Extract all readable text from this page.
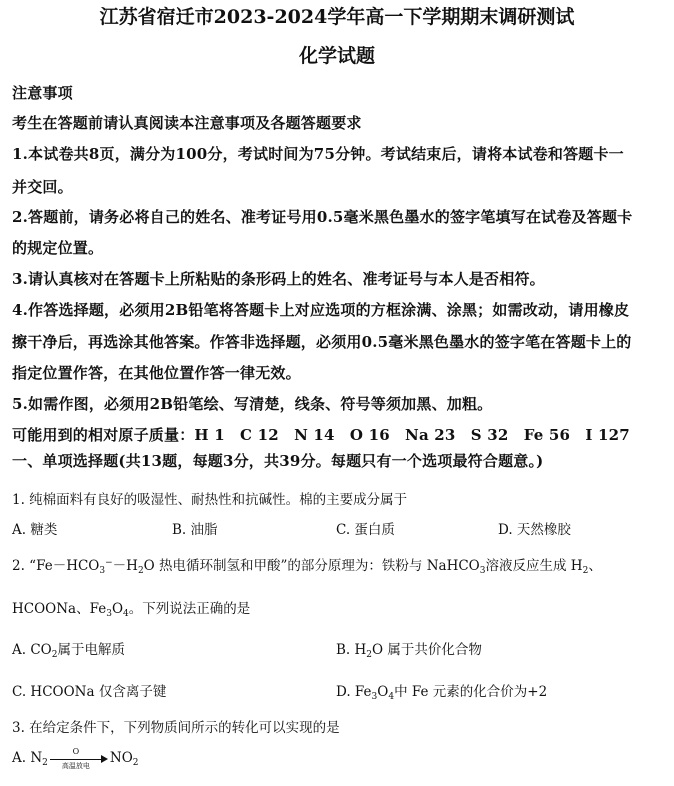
江苏省宿迁市2023-2024学年高一下学期期末调研测试
化学试题
注意事项
考生在答题前请认真阅读本注意事项及各题答题要求
1.本试卷共8页，满分为100分，考试时间为75分钟。考试结束后，请将本试卷和答题卡一
并交回。
2.答题前，请务必将自己的姓名、准考证号用0.5毫米黑色墨水的签字笔填写在试卷及答题卡
的规定位置。
3.请认真核对在答题卡上所粘贴的条形码上的姓名、准考证号与本人是否相符。
4.作答选择题，必须用2B铅笔将答题卡上对应选项的方框涂满、涂黑；如需改动，请用橡皮
擦干净后，再选涂其他答案。作答非选择题，必须用0.5毫米黑色墨水的签字笔在答题卡上的
指定位置作答，在其他位置作答一律无效。
5.如需作图，必须用2B铅笔绘、写清楚，线条、符号等须加黑、加粗。
可能用到的相对原子质量：H 1　C 12　N 14　O 16　Na 23　S 32　Fe 56　I 127
一、单项选择题(共13题，每题3分，共39分。每题只有一个选项最符合题意。)
1. 纯棉面料有良好的吸湿性、耐热性和抗碱性。棉的主要成分属于
A. 糖类	B. 油脂	C. 蛋白质	D. 天然橡胶
2. “$Fe-HCO_3^--H_2O$ 热电循环制氢和甲酸”的部分原理为：铁粉与 NaHCO$_3$溶液反应生成 $H_2$、
HCOONa、$Fe_3O_4$。下列说法正确的是
A. $CO_2$属于电解质	B. $H_2O$ 属于共价化合物
C. HCOONa 仅含离子键	D. $Fe_3O_4$中 Fe 元素的化合价为+2
3. 在给定条件下，下列物质间所示的转化可以实现的是
A. $N_2$
O
高温放电	$NO_2$
